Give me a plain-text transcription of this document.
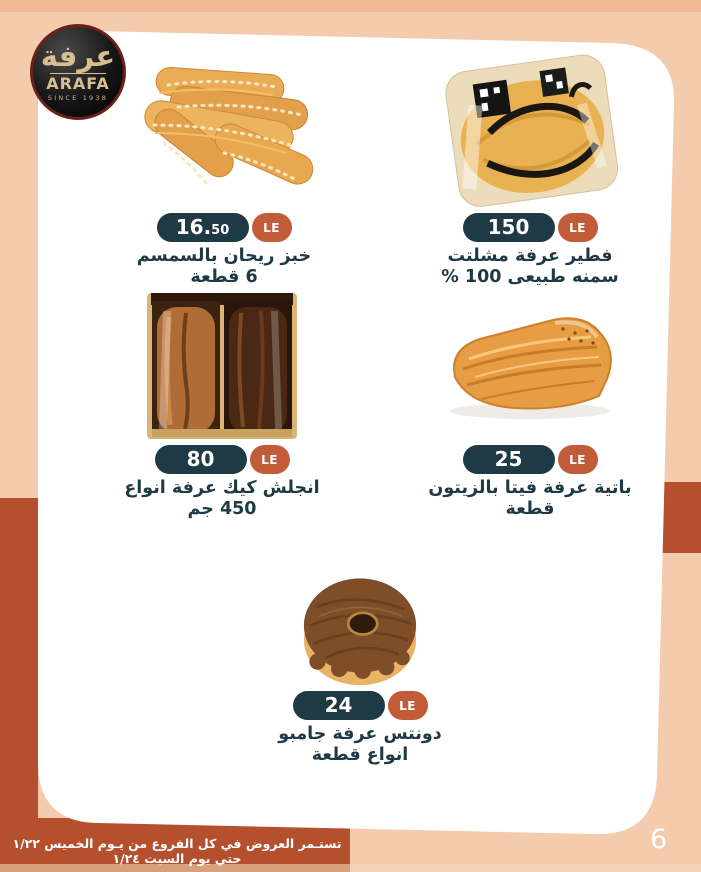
عرفة
ARAFA
SINCE 1938
16. 50	LE
خبز ريحان بالسمسم
6 قطعة
150	LE
فطير عرفة مشلتت
سمنه طبيعى 100 %
80	LE
انجلش كيك عرفة انواع
450 جم
25	LE
باتية عرفة فيتا بالزيتون
قطعة
24	LE
دونتس عرفة جامبو
انواع قطعة
تستـمر العروض في كل الفروع من يـوم الخميس ⁦١/٢٢⁩ حتي يوم السبت ⁦١/٢٤⁩
6
